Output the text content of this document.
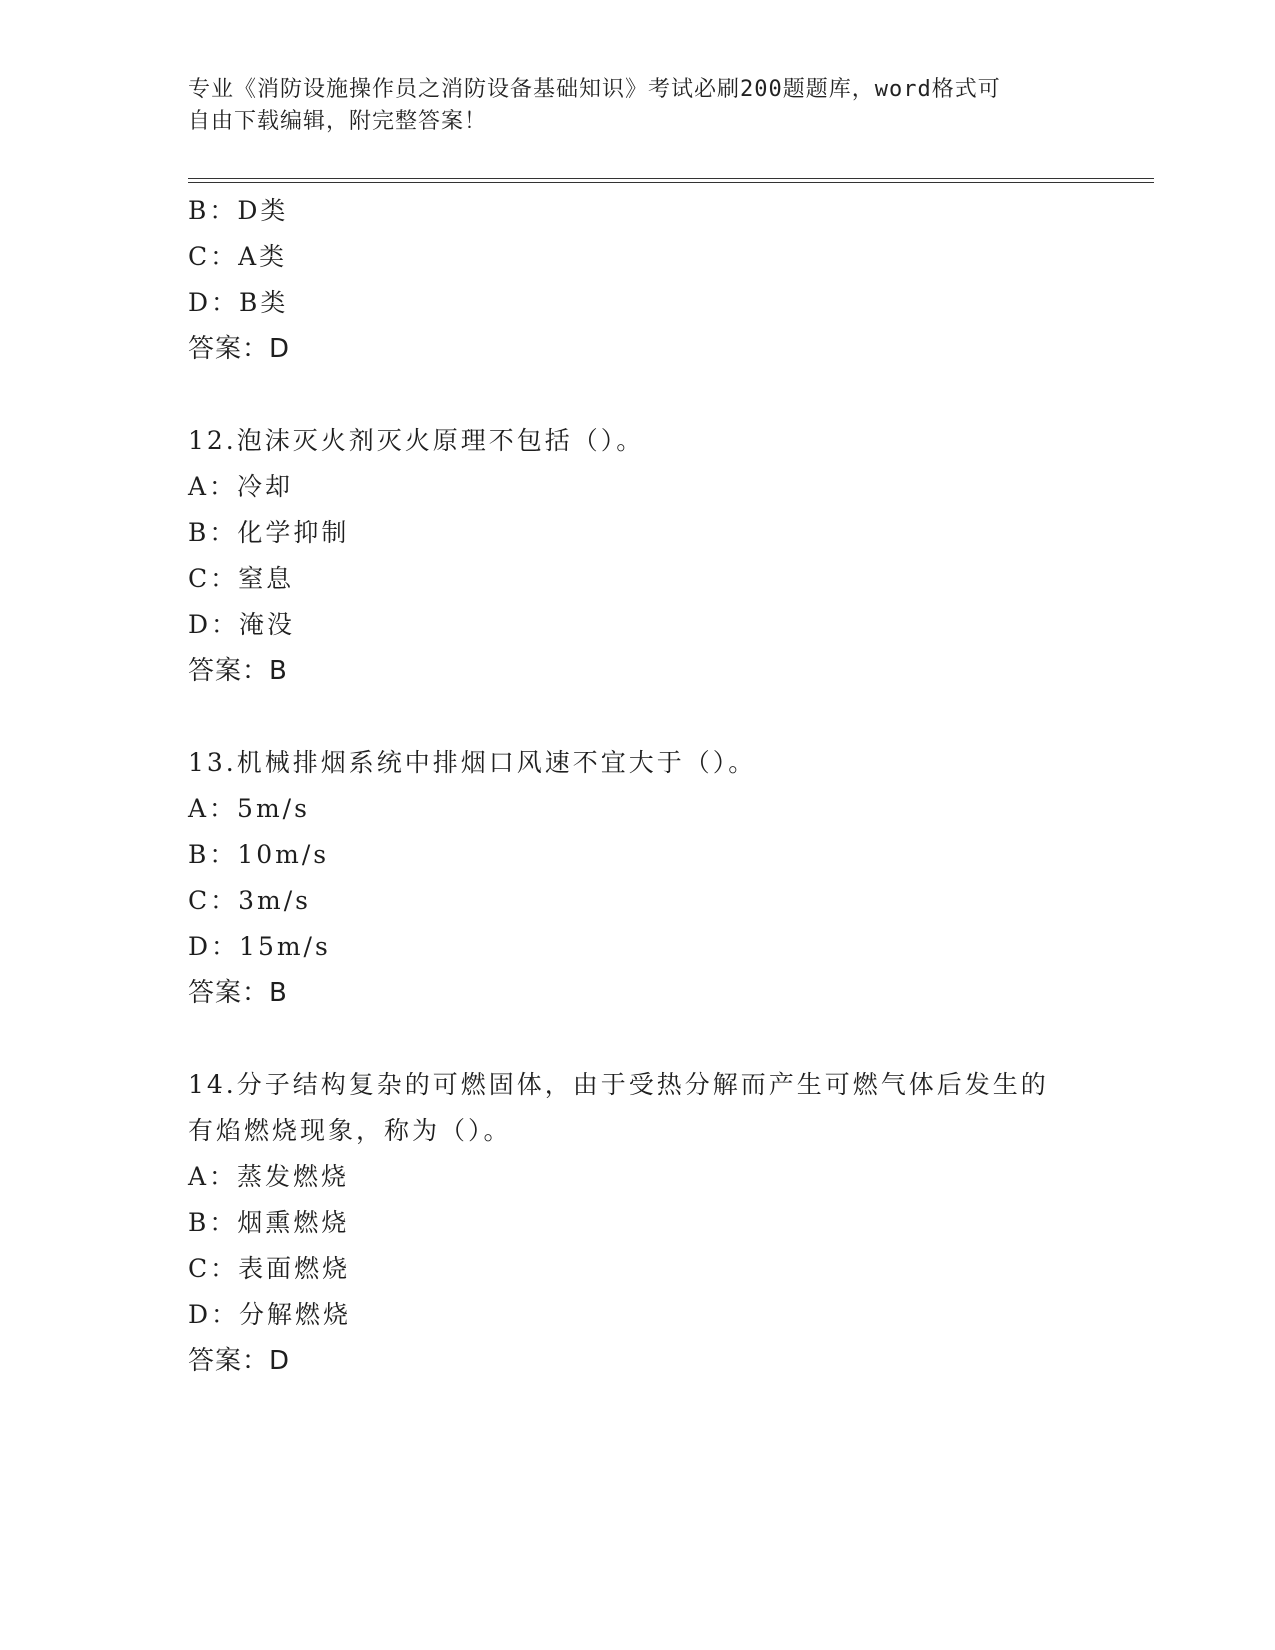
专业《消防设施操作员之消防设备基础知识》考试必刷200题题库，word格式可
自由下载编辑，附完整答案！
B：D类
C：A类
D：B类
答案：D
12.泡沫灭火剂灭火原理不包括（）。
A：冷却
B：化学抑制
C：窒息
D：淹没
答案：B
13.机械排烟系统中排烟口风速不宜大于（）。
A：5m/s
B：10m/s
C：3m/s
D：15m/s
答案：B
14.分子结构复杂的可燃固体，由于受热分解而产生可燃气体后发生的
有焰燃烧现象，称为（）。
A：蒸发燃烧
B：烟熏燃烧
C：表面燃烧
D：分解燃烧
答案：D
